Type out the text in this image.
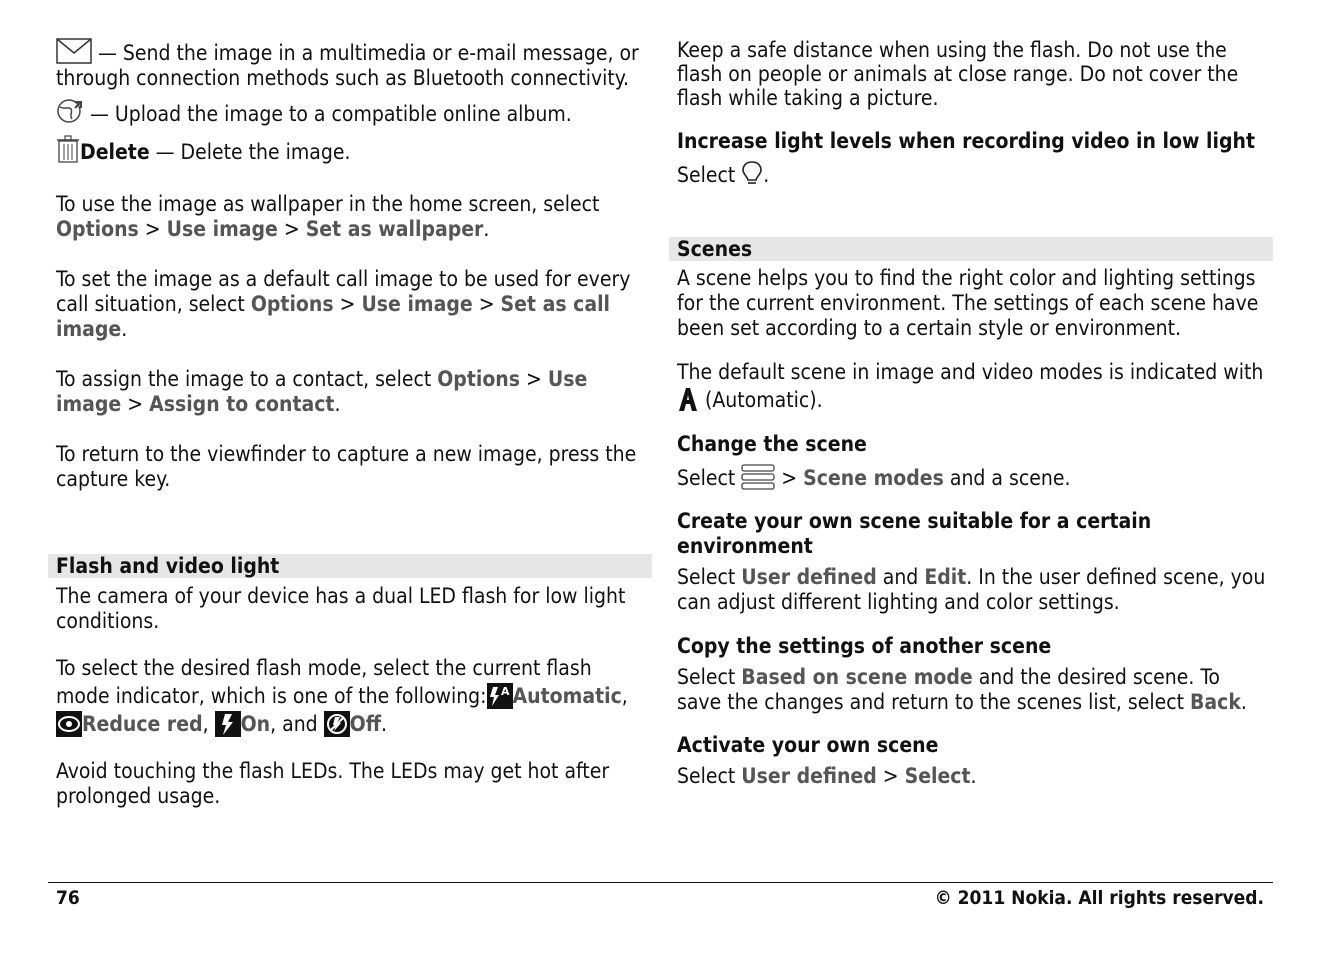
— Send the image in a multimedia or e-mail message, or through connection methods such as Bluetooth connectivity.

— Upload the image to a compatible online album.

Delete — Delete the image.

To use the image as wallpaper in the home screen, select Options > Use image > Set as wallpaper.

To set the image as a default call image to be used for every call situation, select Options > Use image > Set as call image.

To assign the image to a contact, select Options > Use image > Assign to contact.

To return to the viewfinder to capture a new image, press the capture key.

Flash and video light

The camera of your device has a dual LED flash for low light conditions.

To select the desired flash mode, select the current flash mode indicator, which is one of the following: A Automatic,

Reduce red,
On, and
Off.

Avoid touching the flash LEDs. The LEDs may get hot after prolonged usage.

Keep a safe distance when using the flash. Do not use the flash on people or animals at close range. Do not cover the flash while taking a picture.

Increase light levels when recording video in low light

Select .

Scenes

A scene helps you to find the right color and lighting settings for the current environment. The settings of each scene have been set according to a certain style or environment.

The default scene in image and video modes is indicated with

(Automatic).

Change the scene

Select
> Scene modes and a scene.

Create your own scene suitable for a certain environment

Select User defined and Edit. In the user defined scene, you can adjust different lighting and color settings.

Copy the settings of another scene

Select Based on scene mode and the desired scene. To save the changes and return to the scenes list, select Back.

Activate your own scene

Select User defined > Select.

76	© 2011 Nokia. All rights reserved.
